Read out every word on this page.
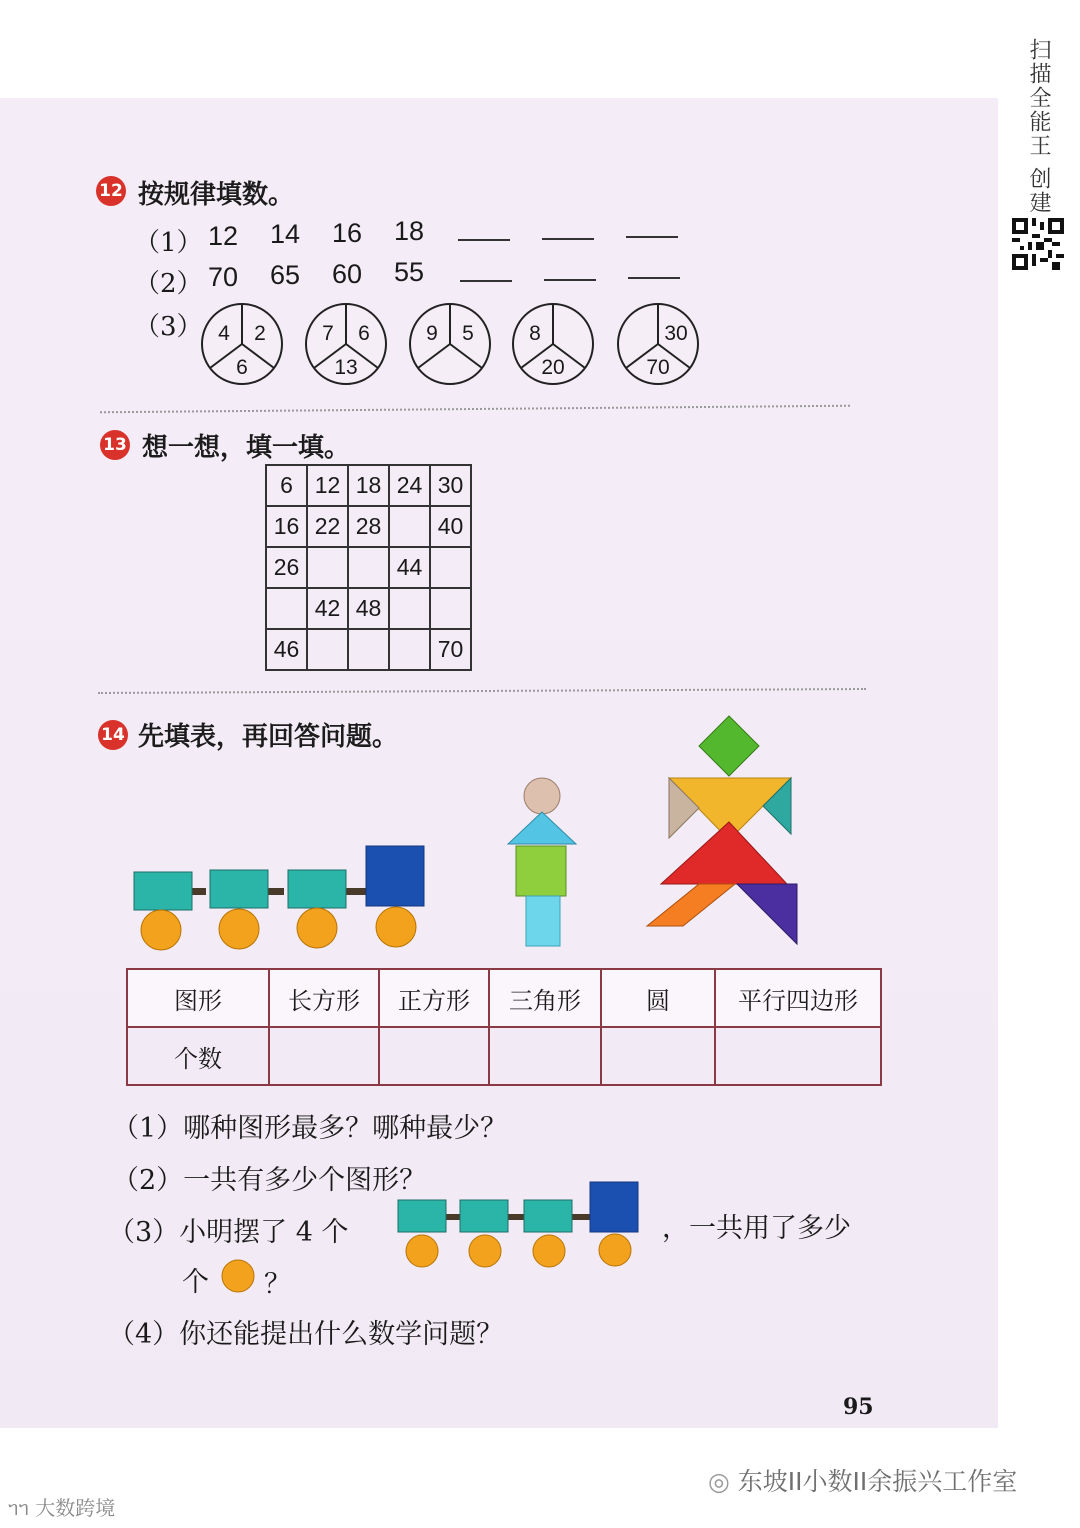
扫描全能王 创建
12 按规律填数。
（1） 12 14 16 18
（2） 70 65 60 55
（3） 4 2
6
7 6
13
9 5	8
20
30
70
13 想一想，填一填。
6	12	18	24	30
16	22	28		40
26			44	
	42	48		
46				70
14 先填表，再回答问题。
图形	长方形	正方形	三角形	圆	平行四边形
个数					
（1）哪种图形最多？哪种最少？
（2）一共有多少个图形？
（3）小明摆了 4 个	，一共用了多少
个 ？
（4）你还能提出什么数学问题？
95
◎ 东坡II小数II余振兴工作室
ᥐᥐ 大数跨境
